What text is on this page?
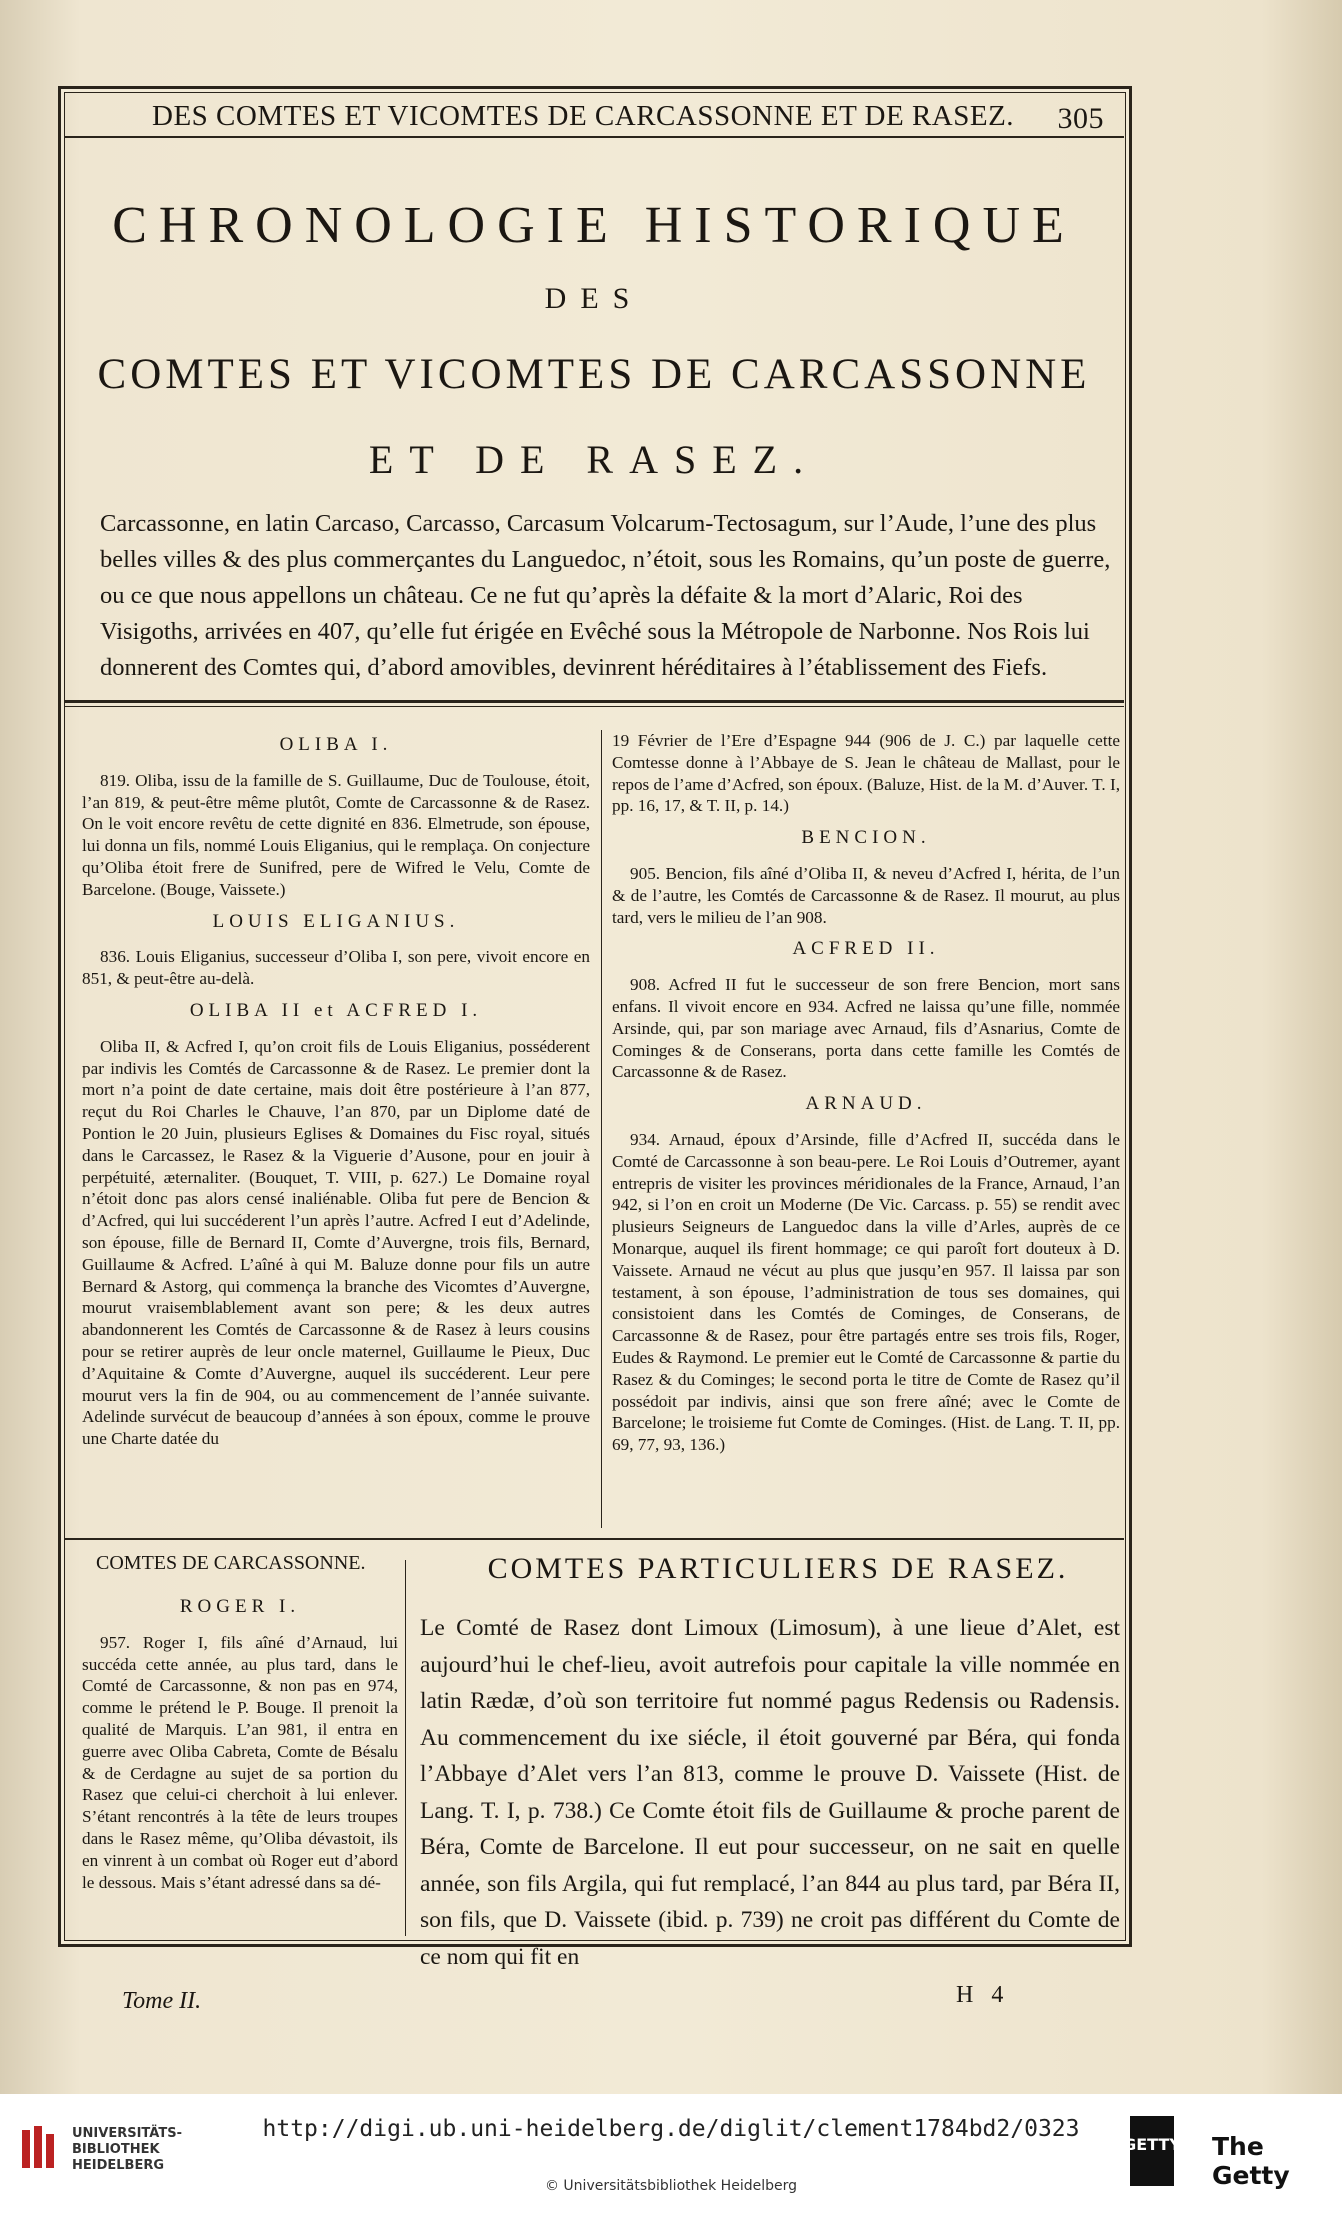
DES COMTES ET VICOMTES DE CARCASSONNE ET DE RASEZ. 305
CHRONOLOGIE HISTORIQUE
DES
COMTES ET VICOMTES DE CARCASSONNE
ET DE RASEZ.

Carcassonne, en latin Carcaso, Carcasso, Carcasum Volcarum-Tectosagum, sur l’Aude, l’une des plus belles villes & des plus commerçantes du Languedoc, n’étoit, sous les Romains, qu’un poste de guerre, ou ce que nous appellons un château. Ce ne fut qu’après la défaite & la mort d’Alaric, Roi des Visigoths, arrivées en 407, qu’elle fut érigée en Evêché sous la Métropole de Narbonne. Nos Rois lui donnerent des Comtes qui, d’abord amovibles, devinrent héréditaires à l’établissement des Fiefs.

OLIBA I.

819. Oliba, issu de la famille de S. Guillaume, Duc de Toulouse, étoit, l’an 819, & peut-être même plutôt, Comte de Carcassonne & de Rasez. On le voit encore revêtu de cette dignité en 836. Elmetrude, son épouse, lui donna un fils, nommé Louis Eliganius, qui le remplaça. On conjecture qu’Oliba étoit frere de Sunifred, pere de Wifred le Velu, Comte de Barcelone. (Bouge, Vaissete.)

LOUIS ELIGANIUS.

836. Louis Eliganius, successeur d’Oliba I, son pere, vivoit encore en 851, & peut-être au-delà.

OLIBA II et ACFRED I.

Oliba II, & Acfred I, qu’on croit fils de Louis Eliganius, posséderent par indivis les Comtés de Carcassonne & de Rasez. Le premier dont la mort n’a point de date certaine, mais doit être postérieure à l’an 877, reçut du Roi Charles le Chauve, l’an 870, par un Diplome daté de Pontion le 20 Juin, plusieurs Eglises & Domaines du Fisc royal, situés dans le Carcassez, le Rasez & la Viguerie d’Ausone, pour en jouir à perpétuité, æternaliter. (Bouquet, T. VIII, p. 627.) Le Domaine royal n’étoit donc pas alors censé inaliénable. Oliba fut pere de Bencion & d’Acfred, qui lui succéderent l’un après l’autre. Acfred I eut d’Adelinde, son épouse, fille de Bernard II, Comte d’Auvergne, trois fils, Bernard, Guillaume & Acfred. L’aîné à qui M. Baluze donne pour fils un autre Bernard & Astorg, qui commença la branche des Vicomtes d’Auvergne, mourut vraisemblablement avant son pere; & les deux autres abandonnerent les Comtés de Carcassonne & de Rasez à leurs cousins pour se retirer auprès de leur oncle maternel, Guillaume le Pieux, Duc d’Aquitaine & Comte d’Auvergne, auquel ils succéderent. Leur pere mourut vers la fin de 904, ou au commencement de l’année suivante. Adelinde survécut de beaucoup d’années à son époux, comme le prouve une Charte datée du

19 Février de l’Ere d’Espagne 944 (906 de J. C.) par laquelle cette Comtesse donne à l’Abbaye de S. Jean le château de Mallast, pour le repos de l’ame d’Acfred, son époux. (Baluze, Hist. de la M. d’Auver. T. I, pp. 16, 17, & T. II, p. 14.)

BENCION.

905. Bencion, fils aîné d’Oliba II, & neveu d’Acfred I, hérita, de l’un & de l’autre, les Comtés de Carcassonne & de Rasez. Il mourut, au plus tard, vers le milieu de l’an 908.

ACFRED II.

908. Acfred II fut le successeur de son frere Bencion, mort sans enfans. Il vivoit encore en 934. Acfred ne laissa qu’une fille, nommée Arsinde, qui, par son mariage avec Arnaud, fils d’Asnarius, Comte de Cominges & de Conserans, porta dans cette famille les Comtés de Carcassonne & de Rasez.

ARNAUD.

934. Arnaud, époux d’Arsinde, fille d’Acfred II, succéda dans le Comté de Carcassonne à son beau-pere. Le Roi Louis d’Outremer, ayant entrepris de visiter les provinces méridionales de la France, Arnaud, l’an 942, si l’on en croit un Moderne (De Vic. Carcass. p. 55) se rendit avec plusieurs Seigneurs de Languedoc dans la ville d’Arles, auprès de ce Monarque, auquel ils firent hommage; ce qui paroît fort douteux à D. Vaissete. Arnaud ne vécut au plus que jusqu’en 957. Il laissa par son testament, à son épouse, l’administration de tous ses domaines, qui consistoient dans les Comtés de Cominges, de Conserans, de Carcassonne & de Rasez, pour être partagés entre ses trois fils, Roger, Eudes & Raymond. Le premier eut le Comté de Carcassonne & partie du Rasez & du Cominges; le second porta le titre de Comte de Rasez qu’il possédoit par indivis, ainsi que son frere aîné; avec le Comte de Barcelone; le troisieme fut Comte de Cominges. (Hist. de Lang. T. II, pp. 69, 77, 93, 136.)

COMTES DE CARCASSONNE.
ROGER I.

957. Roger I, fils aîné d’Arnaud, lui succéda cette année, au plus tard, dans le Comté de Carcassonne, & non pas en 974, comme le prétend le P. Bouge. Il prenoit la qualité de Marquis. L’an 981, il entra en guerre avec Oliba Cabreta, Comte de Bésalu & de Cerdagne au sujet de sa portion du Rasez que celui-ci cherchoit à lui enlever. S’étant rencontrés à la tête de leurs troupes dans le Rasez même, qu’Oliba dévastoit, ils en vinrent à un combat où Roger eut d’abord le dessous. Mais s’étant adressé dans sa dé-

COMTES PARTICULIERS DE RASEZ.

Le Comté de Rasez dont Limoux (Limosum), à une lieue d’Alet, est aujourd’hui le chef-lieu, avoit autrefois pour capitale la ville nommée en latin Rædæ, d’où son territoire fut nommé pagus Redensis ou Radensis. Au commencement du ixe siécle, il étoit gouverné par Béra, qui fonda l’Abbaye d’Alet vers l’an 813, comme le prouve D. Vaissete (Hist. de Lang. T. I, p. 738.) Ce Comte étoit fils de Guillaume & proche parent de Béra, Comte de Barcelone. Il eut pour successeur, on ne sait en quelle année, son fils Argila, qui fut remplacé, l’an 844 au plus tard, par Béra II, son fils, que D. Vaissete (ibid. p. 739) ne croit pas différent du Comte de ce nom qui fit en

Tome II.	H 4
UNIVERSITÄTS-
BIBLIOTHEK
HEIDELBERG
http://digi.ub.uni-heidelberg.de/diglit/clement1784bd2/0323
© Universitätsbibliothek Heidelberg
GETTY The Getty
